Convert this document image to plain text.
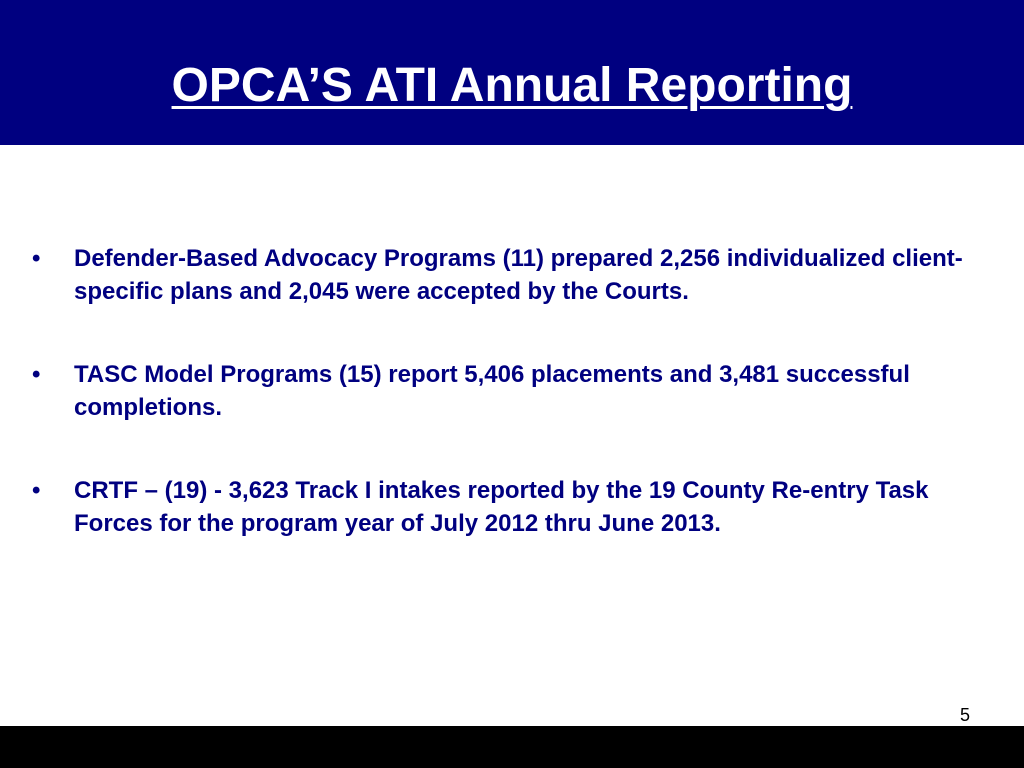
OPCA’S ATI Annual Reporting
• Defender-Based Advocacy Programs (11) prepared 2,256 individualized client-specific plans and 2,045 were accepted by the Courts.
• TASC Model Programs (15) report 5,406 placements and 3,481 successful completions.
• CRTF – (19) - 3,623 Track I intakes reported by the 19 County Re-entry Task Forces for the program year of July 2012 thru June 2013.
5
